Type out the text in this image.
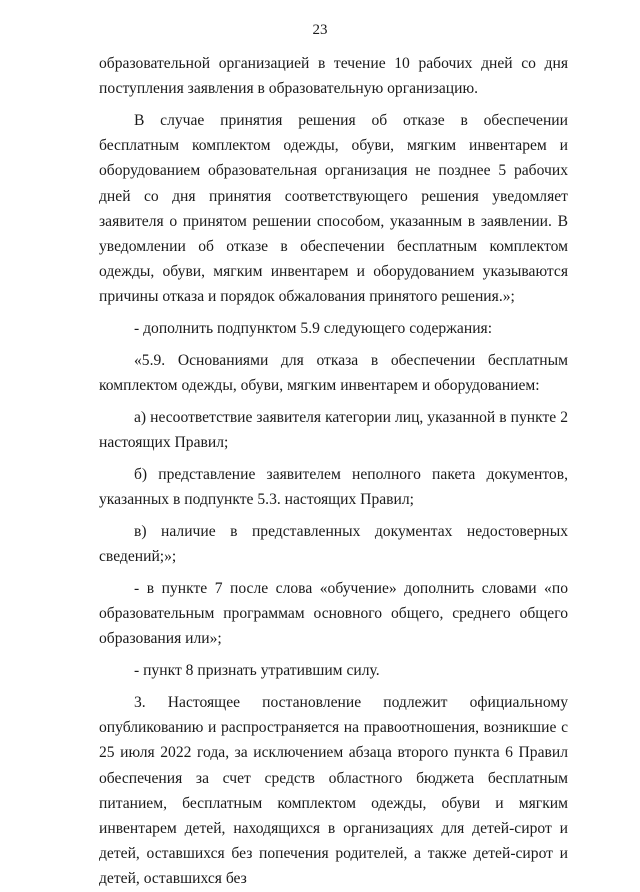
23

образовательной организацией в течение 10 рабочих дней со дня поступления заявления в образовательную организацию.

В случае принятия решения об отказе в обеспечении бесплатным комплектом одежды, обуви, мягким инвентарем и оборудованием образовательная организация не позднее 5 рабочих дней со дня принятия соответствующего решения уведомляет заявителя о принятом решении способом, указанным в заявлении. В уведомлении об отказе в обеспечении бесплатным комплектом одежды, обуви, мягким инвентарем и оборудованием указываются причины отказа и порядок обжалования принятого решения.»;

- дополнить подпунктом 5.9 следующего содержания:

«5.9. Основаниями для отказа в обеспечении бесплатным комплектом одежды, обуви, мягким инвентарем и оборудованием:

а) несоответствие заявителя категории лиц, указанной в пункте 2 настоящих Правил;

б) представление заявителем неполного пакета документов, указанных в подпункте 5.3. настоящих Правил;

в) наличие в представленных документах недостоверных сведений;»;

- в пункте 7 после слова «обучение» дополнить словами «по образовательным программам основного общего, среднего общего образования или»;

- пункт 8 признать утратившим силу.

3. Настоящее постановление подлежит официальному опубликованию и распространяется на правоотношения, возникшие с 25 июля 2022 года, за исключением абзаца второго пункта 6 Правил обеспечения за счет средств областного бюджета бесплатным питанием, бесплатным комплектом одежды, обуви и мягким инвентарем детей, находящихся в организациях для детей-сирот и детей, оставшихся без попечения родителей, а также детей-сирот и детей, оставшихся без
